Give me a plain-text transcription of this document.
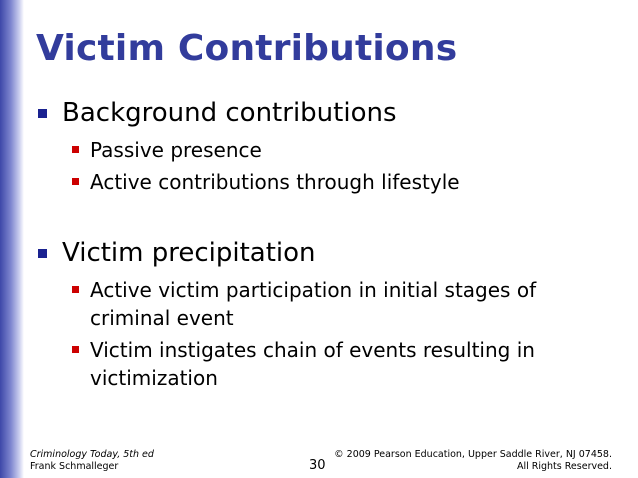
Victim Contributions
Background contributions
Passive presence
Active contributions through lifestyle
Victim precipitation
Active victim participation in initial stages of criminal event
Victim instigates chain of events resulting in victimization
Criminology Today, 5th ed
Frank Schmalleger	30
© 2009 Pearson Education, Upper Saddle River, NJ 07458.
All Rights Reserved.
